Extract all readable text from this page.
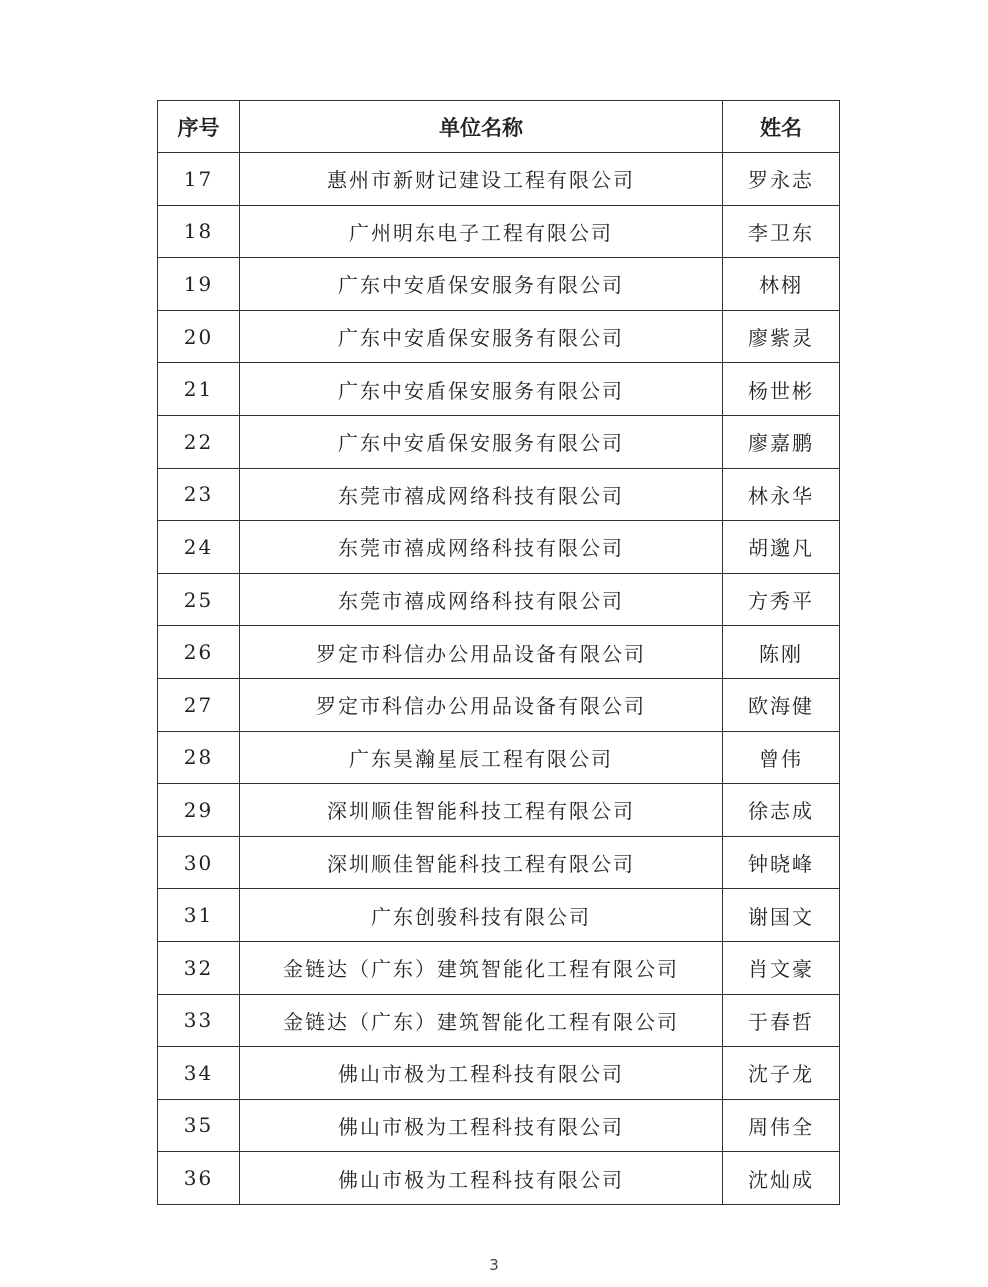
序号	单位名称	姓名
17	惠州市新财记建设工程有限公司	罗永志
18	广州明东电子工程有限公司	李卫东
19	广东中安盾保安服务有限公司	林栩
20	广东中安盾保安服务有限公司	廖紫灵
21	广东中安盾保安服务有限公司	杨世彬
22	广东中安盾保安服务有限公司	廖嘉鹏
23	东莞市禧成网络科技有限公司	林永华
24	东莞市禧成网络科技有限公司	胡邈凡
25	东莞市禧成网络科技有限公司	方秀平
26	罗定市科信办公用品设备有限公司	陈刚
27	罗定市科信办公用品设备有限公司	欧海健
28	广东昊瀚星辰工程有限公司	曾伟
29	深圳顺佳智能科技工程有限公司	徐志成
30	深圳顺佳智能科技工程有限公司	钟晓峰
31	广东创骏科技有限公司	谢国文
32	金链达（广东）建筑智能化工程有限公司	肖文豪
33	金链达（广东）建筑智能化工程有限公司	于春哲
34	佛山市极为工程科技有限公司	沈子龙
35	佛山市极为工程科技有限公司	周伟全
36	佛山市极为工程科技有限公司	沈灿成
3
